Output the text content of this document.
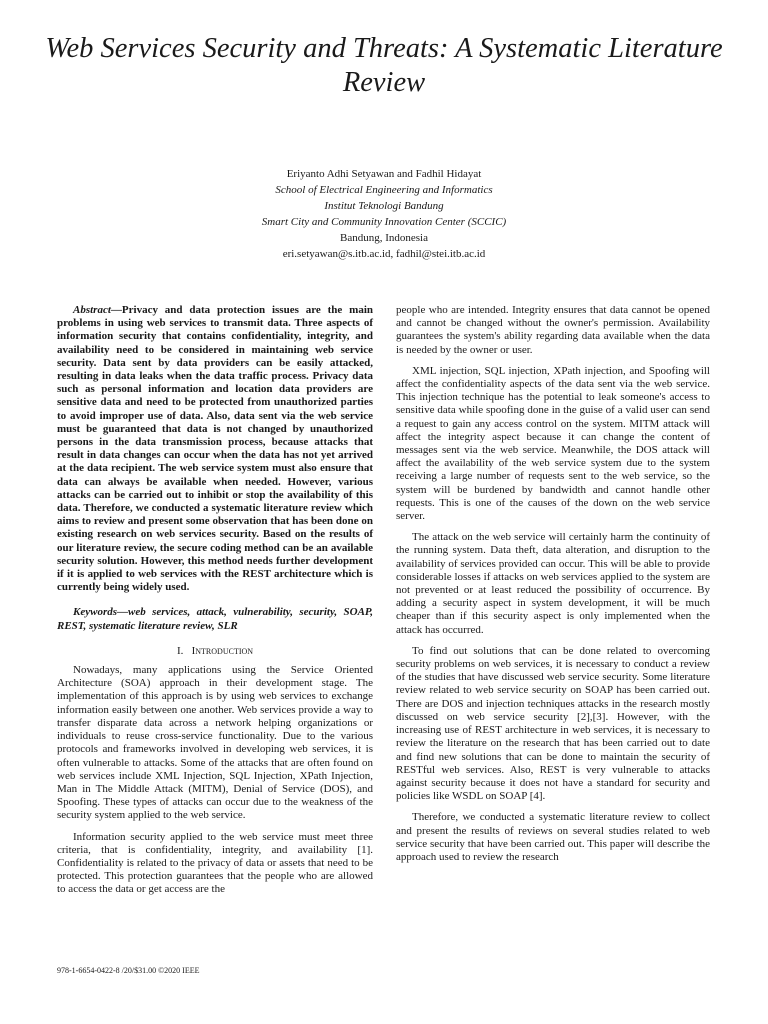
Web Services Security and Threats: A Systematic Literature Review
Eriyanto Adhi Setyawan and Fadhil Hidayat
School of Electrical Engineering and Informatics
Institut Teknologi Bandung
Smart City and Community Innovation Center (SCCIC)
Bandung, Indonesia
eri.setyawan@s.itb.ac.id, fadhil@stei.itb.ac.id

Abstract—Privacy and data protection issues are the main problems in using web services to transmit data. Three aspects of information security that contains confidentiality, integrity, and availability need to be considered in maintaining web service security. Data sent by data providers can be easily attacked, resulting in data leaks when the data traffic process. Privacy data such as personal information and location data providers are sensitive data and need to be protected from unauthorized parties to avoid improper use of data. Also, data sent via the web service must be guaranteed that data is not changed by unauthorized persons in the data transmission process, because attacks that result in data changes can occur when the data has not yet arrived at the data recipient. The web service system must also ensure that data can always be available when needed. However, various attacks can be carried out to inhibit or stop the availability of this data. Therefore, we conducted a systematic literature review which aims to review and present some observation that has been done on existing research on web services security. Based on the results of our literature review, the secure coding method can be an available security solution. However, this method needs further development if it is applied to web services with the REST architecture which is currently being widely used.

Keywords—web services, attack, vulnerability, security, SOAP, REST, systematic literature review, SLR

I. Introduction

Nowadays, many applications using the Service Oriented Architecture (SOA) approach in their development stage. The implementation of this approach is by using web services to exchange information easily between one another. Web services provide a way to transfer disparate data across a network helping organizations or individuals to reuse cross-service functionality. Due to the various protocols and frameworks involved in developing web services, it is often vulnerable to attacks. Some of the attacks that are often found on web services include XML Injection, SQL Injection, XPath Injection, Man in The Middle Attack (MITM), Denial of Service (DOS), and Spoofing. These types of attacks can occur due to the weakness of the security system applied to the web service.

Information security applied to the web service must meet three criteria, that is confidentiality, integrity, and availability [1]. Confidentiality is related to the privacy of data or assets that need to be protected. This protection guarantees that the people who are allowed to access the data or get access are the

people who are intended. Integrity ensures that data cannot be opened and cannot be changed without the owner's permission. Availability guarantees the system's ability regarding data available when the data is needed by the owner or user.

XML injection, SQL injection, XPath injection, and Spoofing will affect the confidentiality aspects of the data sent via the web service. This injection technique has the potential to leak someone's access to sensitive data while spoofing done in the guise of a valid user can send a request to gain any access control on the system. MITM attack will affect the integrity aspect because it can change the content of messages sent via the web service. Meanwhile, the DOS attack will affect the availability of the web service system due to the system receiving a large number of requests sent to the web service, so the system will be burdened by bandwidth and cannot handle other requests. This is one of the causes of the down on the web service server.

The attack on the web service will certainly harm the continuity of the running system. Data theft, data alteration, and disruption to the availability of services provided can occur. This will be able to provide considerable losses if attacks on web services applied to the system are not prevented or at least reduced the possibility of occurrence. By adding a security aspect in system development, it will be much cheaper than if this security aspect is only implemented when the attack has occurred.

To find out solutions that can be done related to overcoming security problems on web services, it is necessary to conduct a review of the studies that have discussed web service security. Some literature review related to web service security on SOAP has been carried out. There are DOS and injection techniques attacks in the research mostly discussed on web service security [2],[3]. However, with the increasing use of REST architecture in web services, it is necessary to review the literature on the research that has been carried out to date and find new solutions that can be done to maintain the security of RESTful web services. Also, REST is very vulnerable to attacks against security because it does not have a standard for security and policies like WSDL on SOAP [4].

Therefore, we conducted a systematic literature review to collect and present the results of reviews on several studies related to web service security that have been carried out. This paper will describe the approach used to review the research

978-1-6654-0422-8 /20/$31.00 ©2020 IEEE
